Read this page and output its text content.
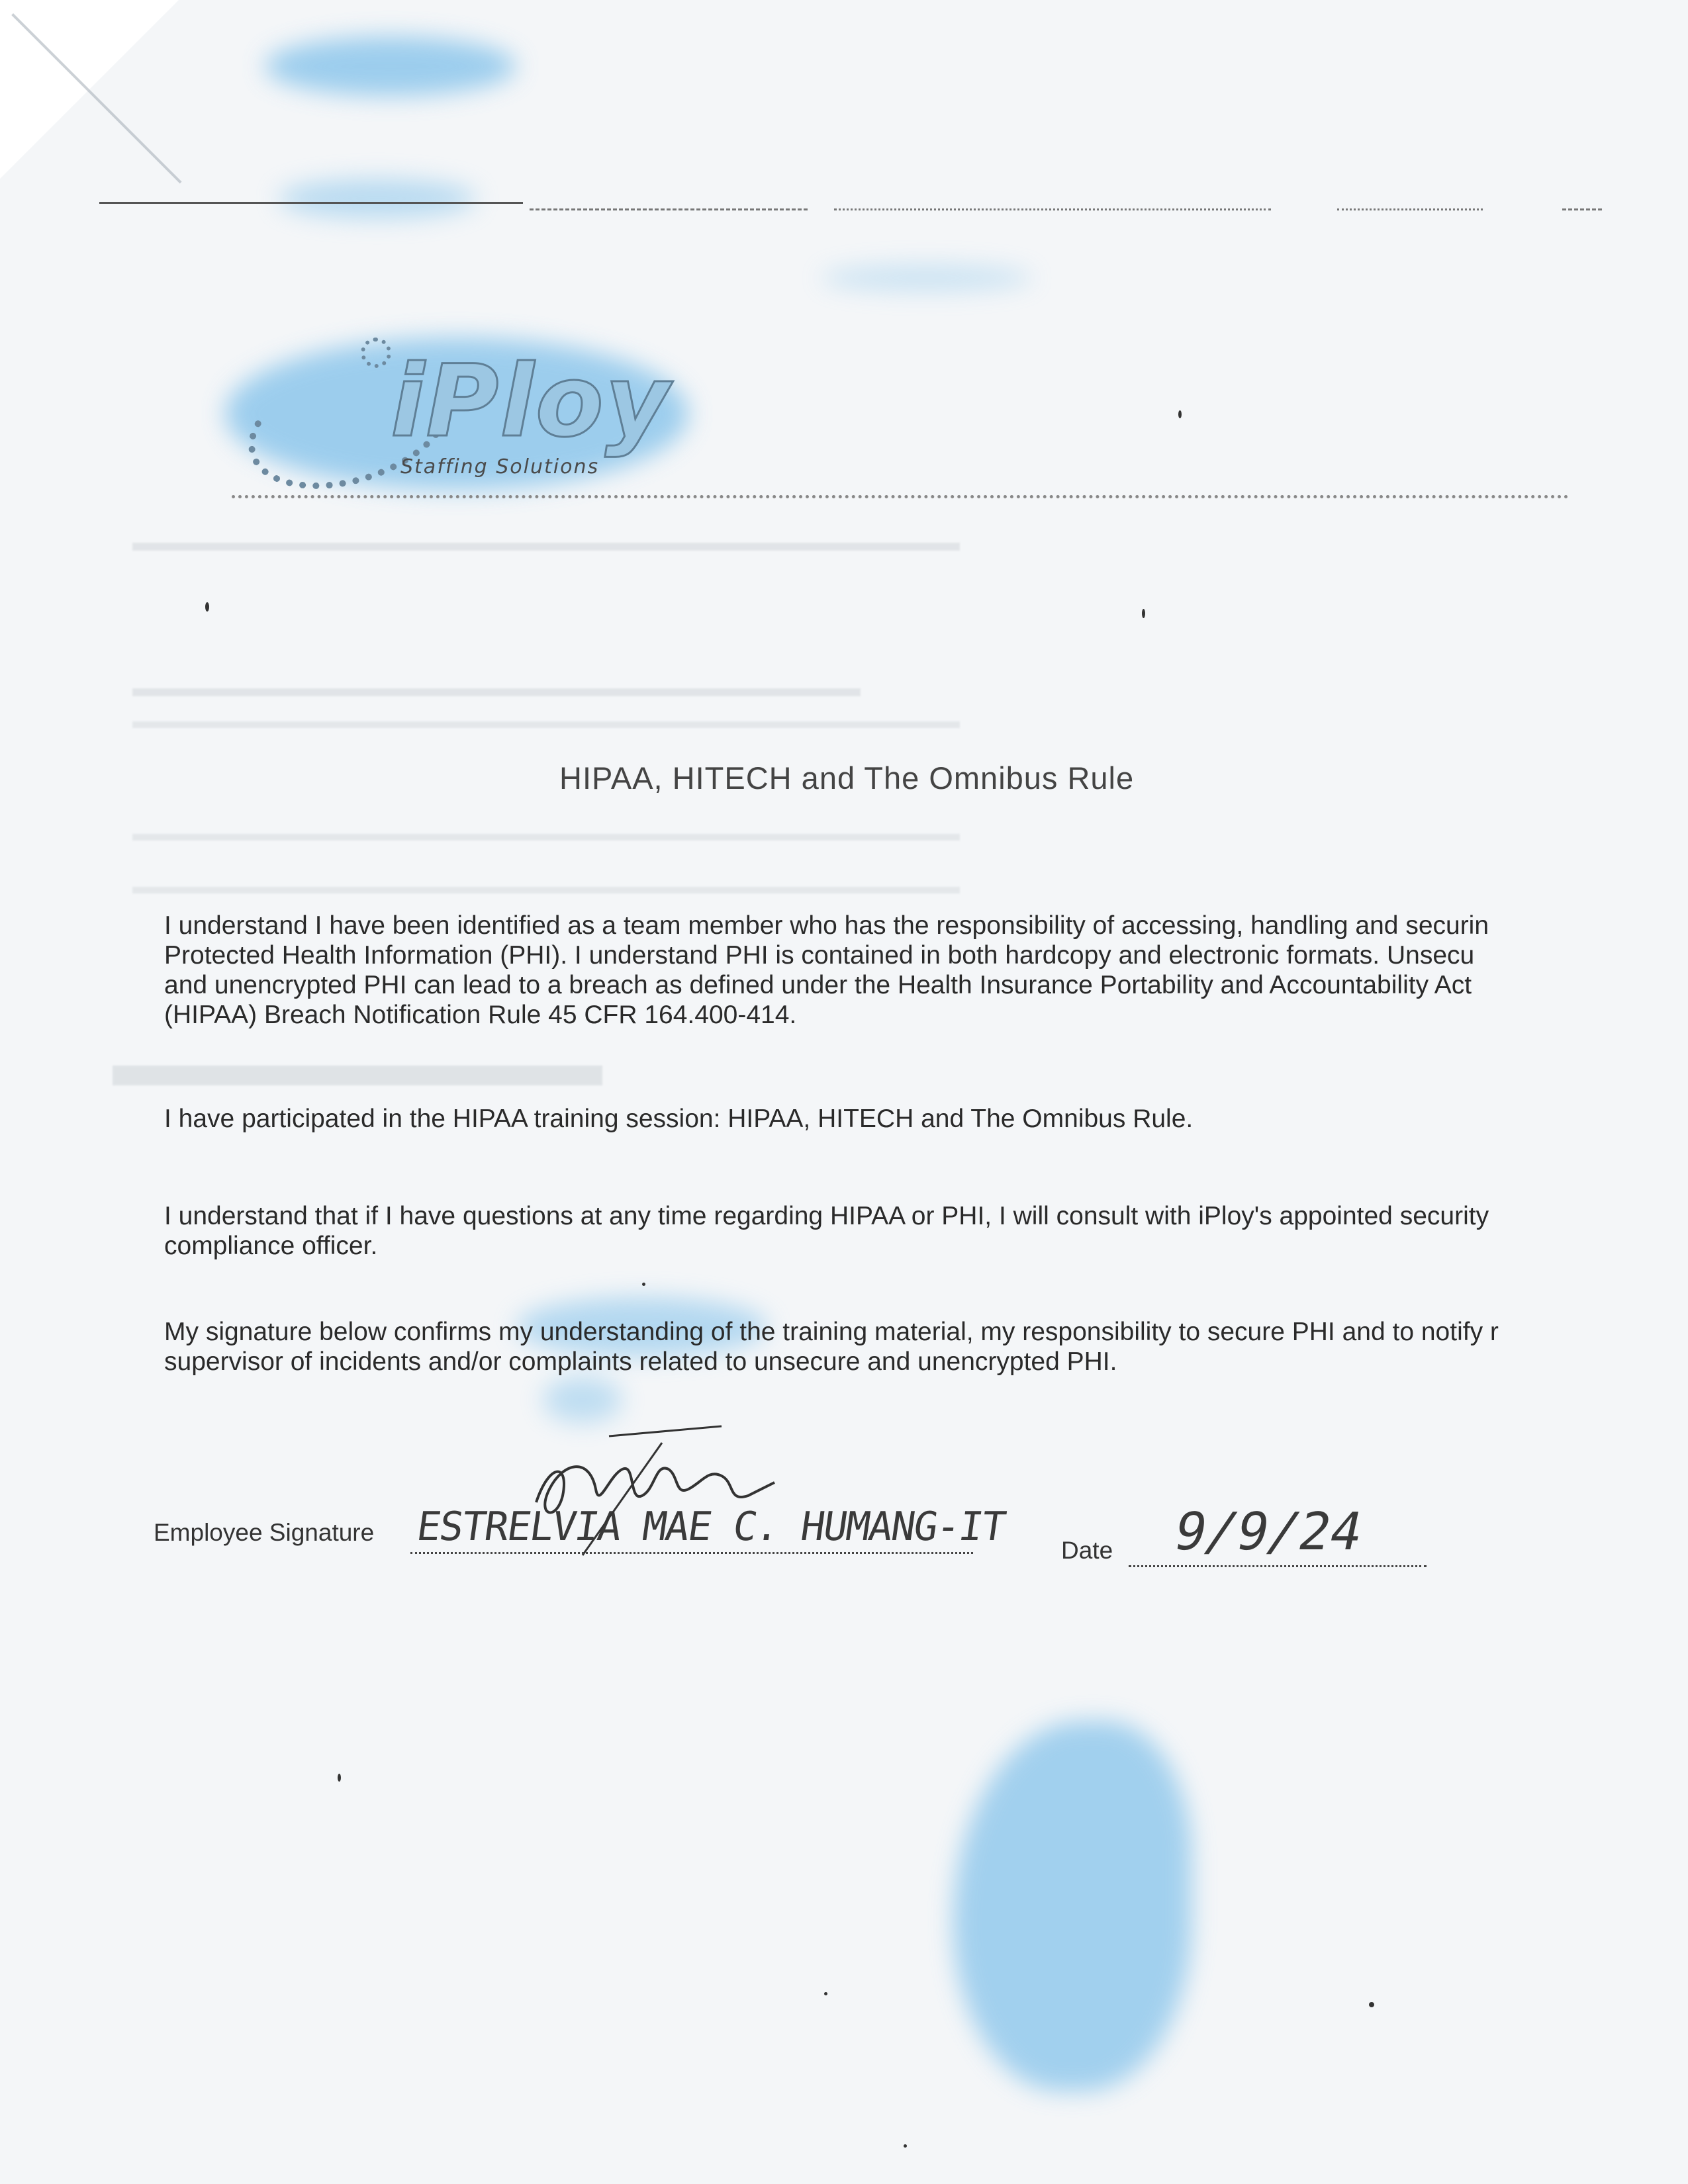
iPloy
Staffing Solutions
HIPAA, HITECH and The Omnibus Rule
I understand I have been identified as a team member who has the responsibility of accessing, handling and securin
Protected Health Information (PHI). I understand PHI is contained in both hardcopy and electronic formats. Unsecu
and unencrypted PHI can lead to a breach as defined under the Health Insurance Portability and Accountability Act
(HIPAA) Breach Notification Rule 45 CFR 164.400-414.
I have participated in the HIPAA training session: HIPAA, HITECH and The Omnibus Rule.
I understand that if I have questions at any time regarding HIPAA or PHI, I will consult with iPloy's appointed security
compliance officer.
My signature below confirms my understanding of the training material, my responsibility to secure PHI and to notify r
supervisor of incidents and/or complaints related to unsecure and unencrypted PHI.
Employee Signature ESTRELVIA MAE C. HUMANG-IT
Date 9/9/24
